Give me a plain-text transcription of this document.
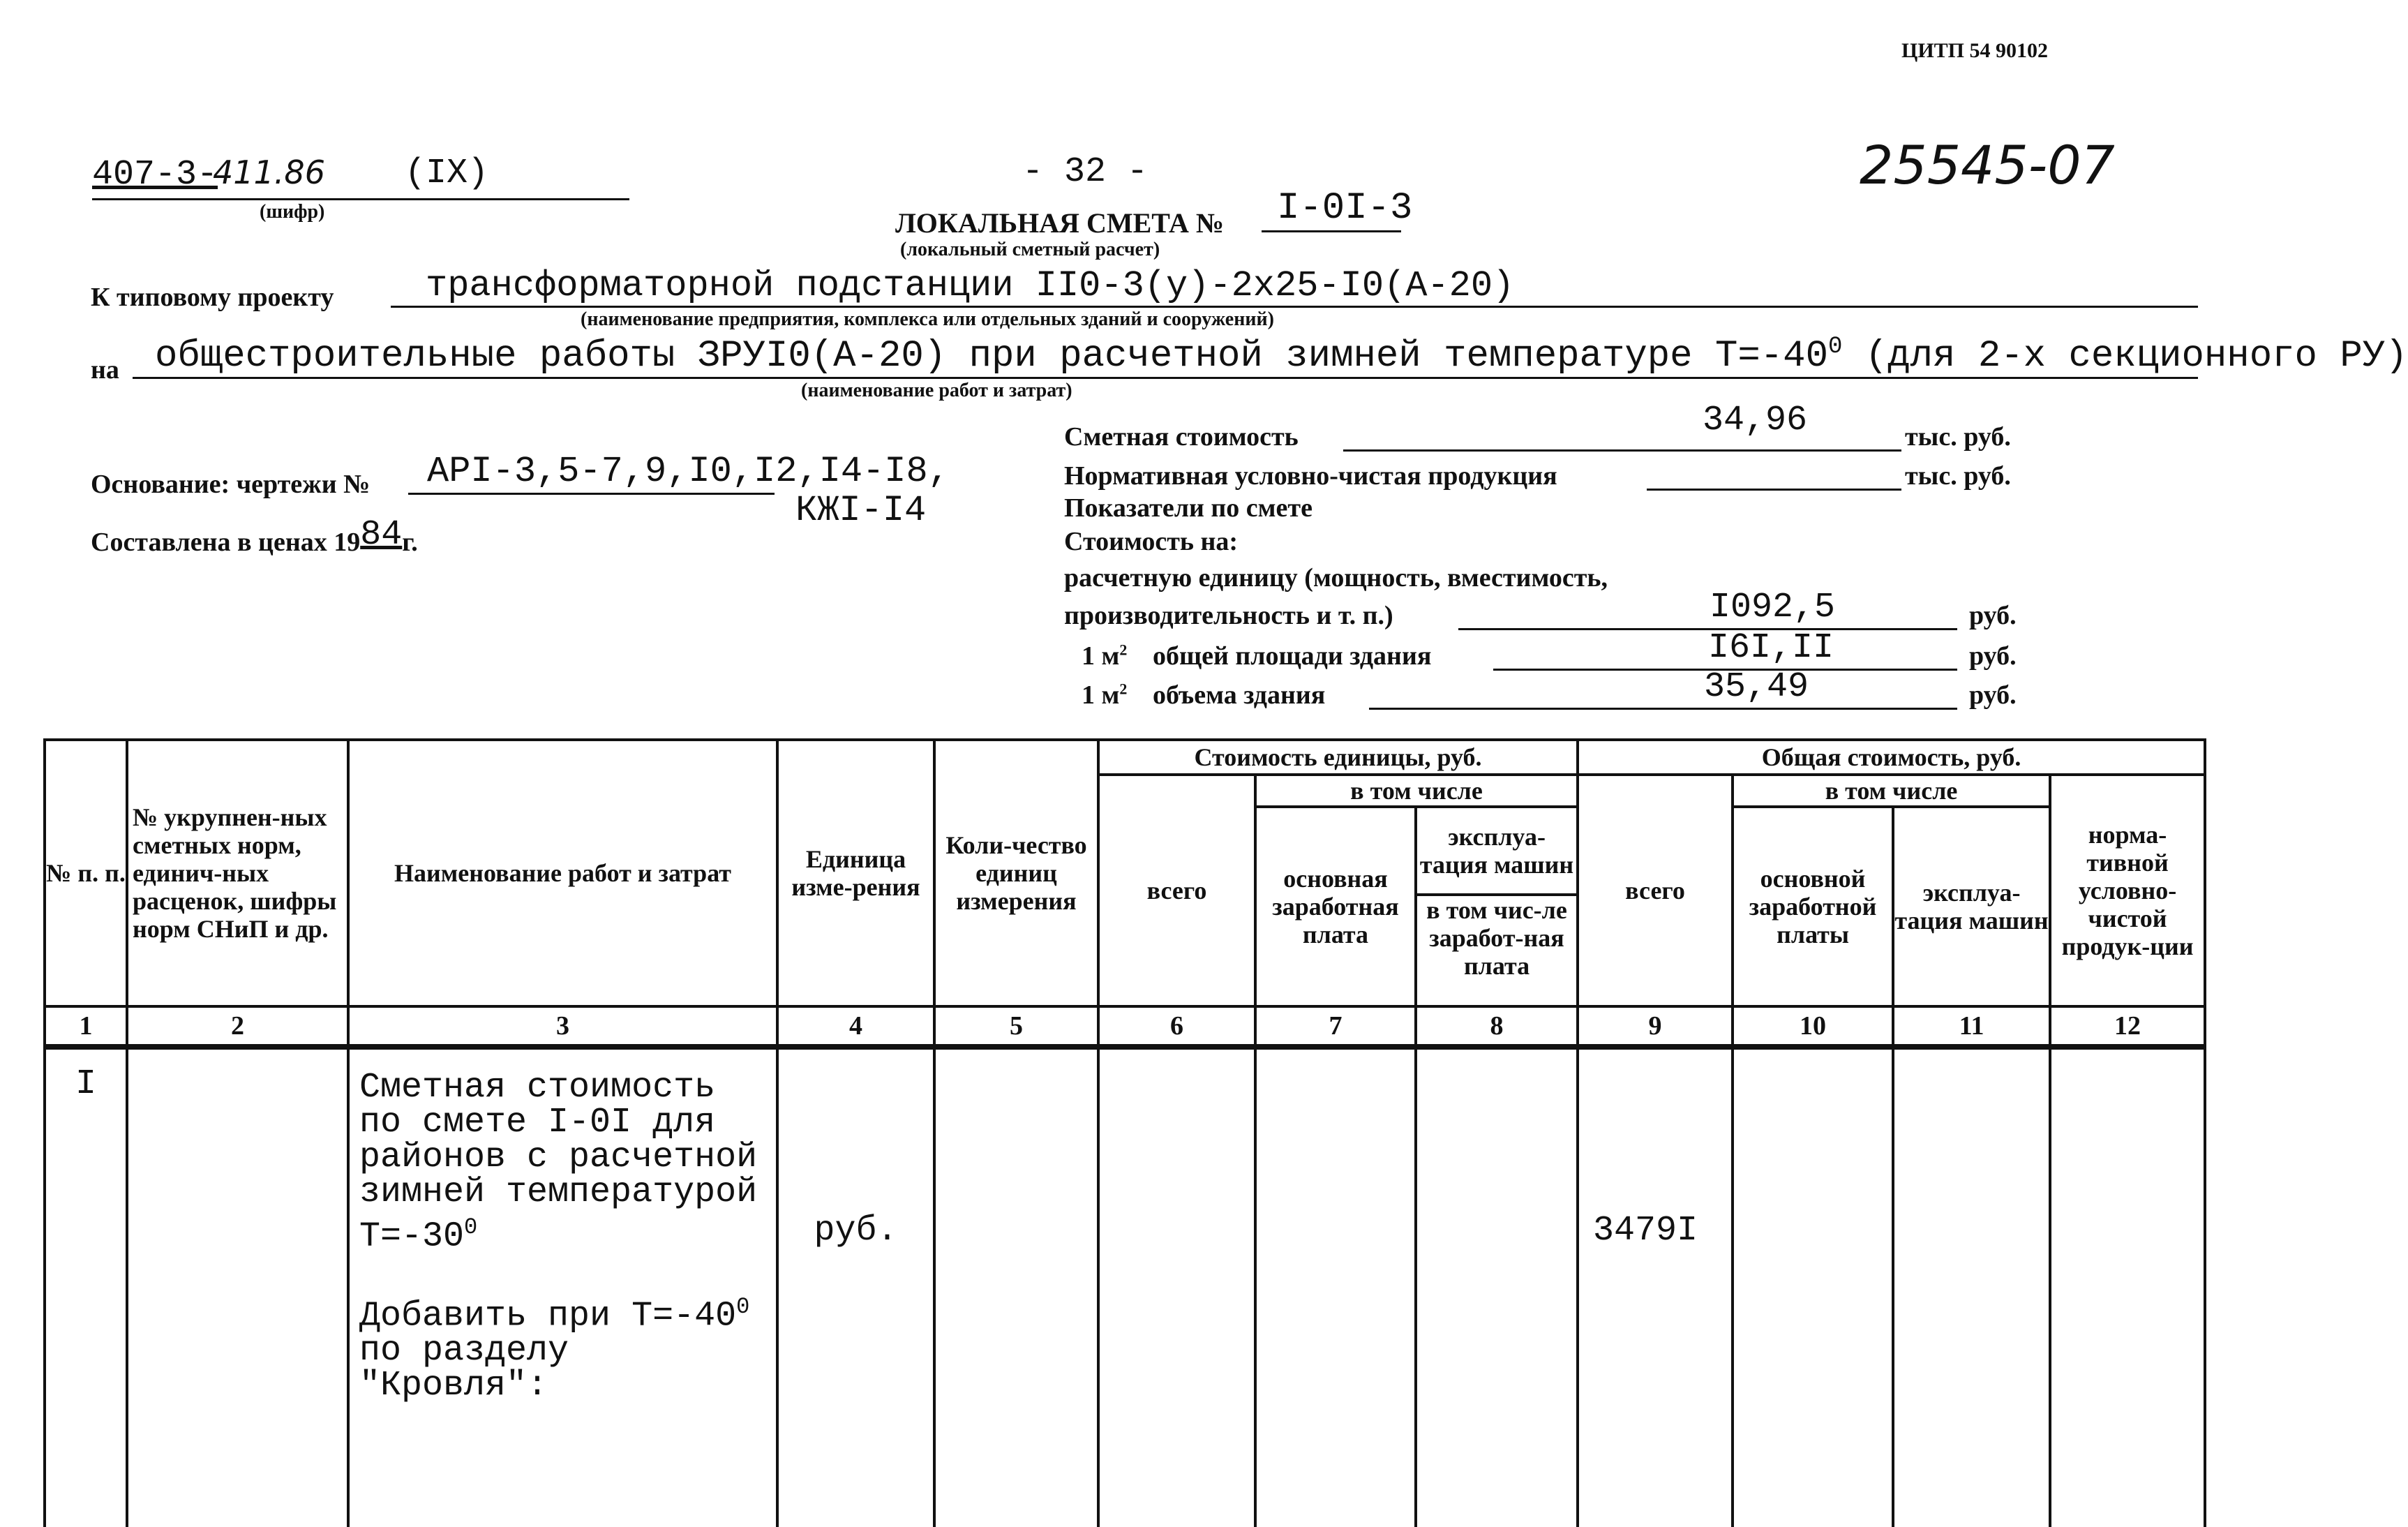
ЦИТП 54 90102
407-3-
411.86 (IX)
(шифр)
- 32 -	25545-07
ЛОКАЛЬНАЯ СМЕТА № I-0I-3
(локальный сметный расчет)
К типовому проекту	трансформаторной подстанции II0-3(у)-2х25-I0(А-20)
(наименование предприятия, комплекса или отдельных зданий и сооружений)
на общестроительные работы ЗРУI0(А-20) при расчетной зимней температуре $Т=-40^0$ (для 2-х секционного РУ)
(наименование работ и затрат)
Основание: чертежи № АРI-3,5-7,9,I0,I2,I4-I8,
КЖI-I4
Составлена в ценах 1984г.
Сметная стоимость	34,96	тыс. руб.
Нормативная условно-чистая продукция	тыс. руб.
Показатели по смете
Стоимость на:
расчетную единицу (мощность, вместимость,
производительность и т. п.)	I092,5	руб.
1 $м^2$ общей площади здания	I6I,II	руб.
1 $м^2$ объема здания	35,49	руб.
№ п. п.	№ укрупнен-ных сметных норм, единич-ных расценок, шифры норм СНиП и др.	Наименование работ и затрат	Единица изме-рения	Коли-чество единиц измерения	Стоимость единицы, руб.			Общая стоимость, руб.			
					всего	в том числе		всего	в том числе		норма-тивной условно-чистой продук-ции
						основная заработная плата	эксплуа-тация машин		основной заработной платы	эксплуа-тация машин	
							в том чис-ле заработ-ная плата				
1	2	3	4	5	6	7	8	9	10	11	12
I		Сметная стоимость по смете I-0I для районов с расчетной зимней температурой $Т=-30^0$
Добавить при $Т=-40^0$
по разделу "Кровля":	руб.					3479I			
